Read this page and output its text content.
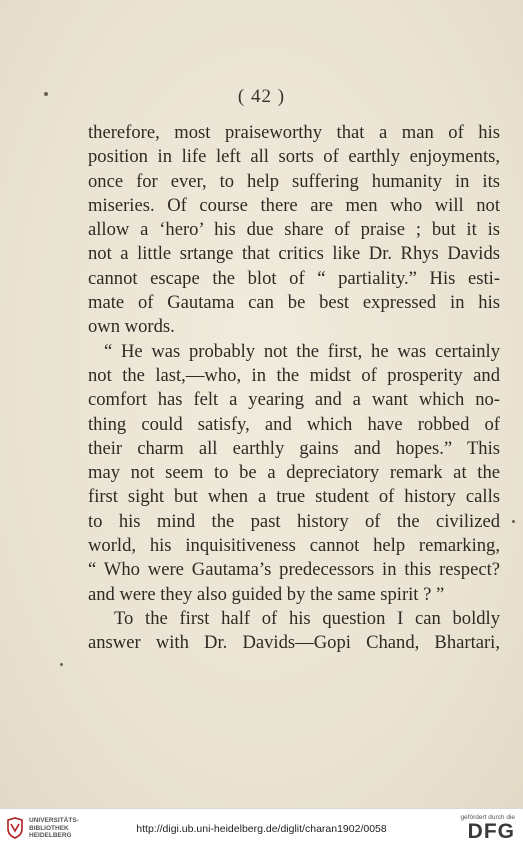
( 42 )
therefore, most praiseworthy that a man of his
position in life left all sorts of earthly enjoyments,
once for ever, to help suffering humanity in its
miseries. Of course there are men who will not
allow a ‘hero’ his due share of praise ; but it is
not a little srtange that critics like Dr. Rhys Davids
cannot escape the blot of “ partiality.” His esti-
mate of Gautama can be best expressed in his
own words.
“ He was probably not the first, he was certainly
not the last,—who, in the midst of prosperity and
comfort has felt a yearing and a want which no-
thing could satisfy, and which have robbed of
their charm all earthly gains and hopes.” This
may not seem to be a depreciatory remark at the
first sight but when a true student of history calls
to his mind the past history of the civilized
world, his inquisitiveness cannot help remarking,
“ Who were Gautama’s predecessors in this respect?
and were they also guided by the same spirit ? ”
To the first half of his question I can boldly
answer with Dr. Davids—Gopi Chand, Bhartari,
UNIVERSITÄTS-
BIBLIOTHEK
HEIDELBERG
http://digi.ub.uni-heidelberg.de/diglit/charan1902/0058
gefördert durch die
DFG
